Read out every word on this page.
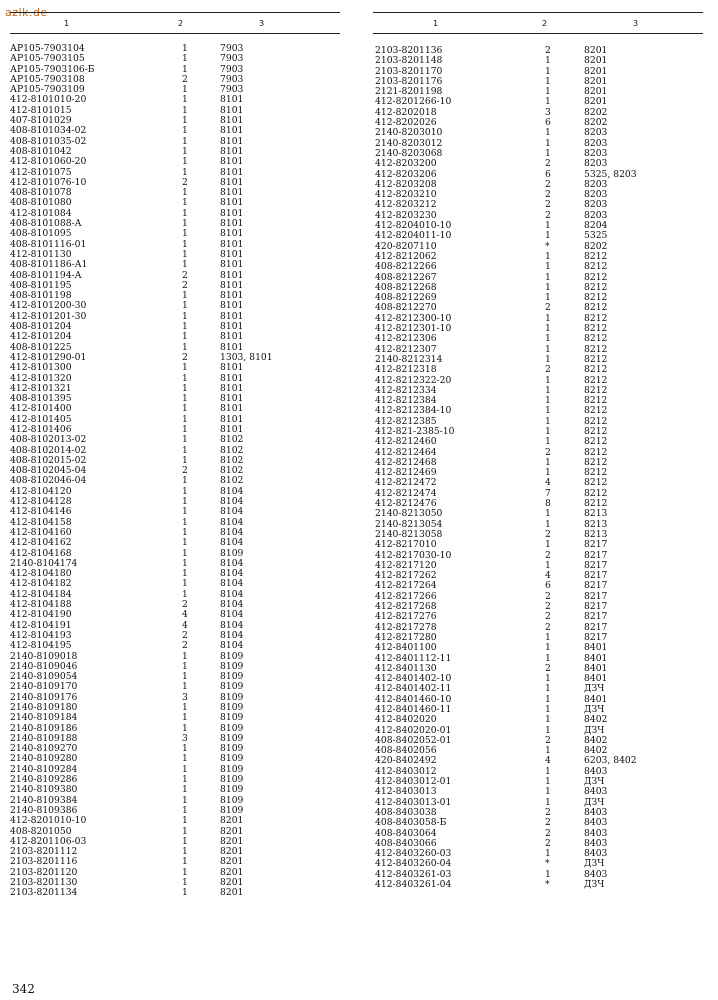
azlk.de
1	2	3
АР105-7903104	1	7903
АР105-7903105	1	7903
АР105-7903106-Б	1	7903
АР105-7903108	2	7903
АР105-7903109	1	7903
412-8101010-20	1	8101
412-8101015	1	8101
407-8101029	1	8101
408-8101034-02	1	8101
408-8101035-02	1	8101
408-8101042	1	8101
412-8101060-20	1	8101
412-8101075	1	8101
412-8101076-10	2	8101
408-8101078	1	8101
408-8101080	1	8101
412-8101084	1	8101
408-8101088-А	1	8101
408-8101095	1	8101
408-8101116-01	1	8101
412-8101130	1	8101
408-8101186-А1	1	8101
408-8101194-А	2	8101
408-8101195	2	8101
408-8101198	1	8101
412-8101200-30	1	8101
412-8101201-30	1	8101
408-8101204	1	8101
412-8101204	1	8101
408-8101225	1	8101
412-8101290-01	2	1303, 8101
412-8101300	1	8101
412-8101320	1	8101
412-8101321	1	8101
408-8101395	1	8101
412-8101400	1	8101
412-8101405	1	8101
412-8101406	1	8101
408-8102013-02	1	8102
408-8102014-02	1	8102
408-8102015-02	1	8102
408-8102045-04	2	8102
408-8102046-04	1	8102
412-8104120	1	8104
412-8104128	1	8104
412-8104146	1	8104
412-8104158	1	8104
412-8104160	1	8104
412-8104162	1	8104
412-8104168	1	8109
2140-8104174	1	8104
412-8104180	1	8104
412-8104182	1	8104
412-8104184	1	8104
412-8104188	2	8104
412-8104190	4	8104
412-8104191	4	8104
412-8104193	2	8104
412-8104195	2	8104
2140-8109018	1	8109
2140-8109046	1	8109
2140-8109054	1	8109
2140-8109170	1	8109
2140-8109176	3	8109
2140-8109180	1	8109
2140-8109184	1	8109
2140-8109186	1	8109
2140-8109188	3	8109
2140-8109270	1	8109
2140-8109280	1	8109
2140-8109284	1	8109
2140-8109286	1	8109
2140-8109380	1	8109
2140-8109384	1	8109
2140-8109386	1	8109
412-8201010-10	1	8201
408-8201050	1	8201
412-8201106-03	1	8201
2103-8201112	1	8201
2103-8201116	1	8201
2103-8201120	1	8201
2103-8201130	1	8201
2103-8201134	1	8201
1	2	3
2103-8201136	2	8201
2103-8201148	1	8201
2103-8201170	1	8201
2103-8201176	1	8201
2121-8201198	1	8201
412-8201266-10	1	8201
412-8202018	3	8202
412-8202026	6	8202
2140-8203010	1	8203
2140-8203012	1	8203
2140-8203068	1	8203
412-8203200	2	8203
412-8203206	6	5325, 8203
412-8203208	2	8203
412-8203210	2	8203
412-8203212	2	8203
412-8203230	2	8203
412-8204010-10	1	8204
412-8204011-10	1	5325
420-8207110	*	8202
412-8212062	1	8212
408-8212266	1	8212
408-8212267	1	8212
408-8212268	1	8212
408-8212269	1	8212
408-8212270	2	8212
412-8212300-10	1	8212
412-8212301-10	1	8212
412-8212306	1	8212
412-8212307	1	8212
2140-8212314	1	8212
412-8212318	2	8212
412-8212322-20	1	8212
412-8212334	1	8212
412-8212384	1	8212
412-8212384-10	1	8212
412-8212385	1	8212
412-821-2385-10	1	8212
412-8212460	1	8212
412-8212464	2	8212
412-8212468	1	8212
412-8212469	1	8212
412-8212472	4	8212
412-8212474	7	8212
412-8212476	8	8212
2140-8213050	1	8213
2140-8213054	1	8213
2140-8213058	2	8213
412-8217010	1	8217
412-8217030-10	2	8217
412-8217120	1	8217
412-8217262	4	8217
412-8217264	6	8217
412-8217266	2	8217
412-8217268	2	8217
412-8217276	2	8217
412-8217278	2	8217
412-8217280	1	8217
412-8401100	1	8401
412-8401112-11	1	8401
412-8401130	2	8401
412-8401402-10	1	8401
412-8401402-11	1	ДЗЧ
412-8401460-10	1	8401
412-8401460-11	1	ДЗЧ
412-8402020	1	8402
412-8402020-01	1	ДЗЧ
408-8402052-01	2	8402
408-8402056	1	8402
420-8402492	4	6203, 8402
412-8403012	1	8403
412-8403012-01	1	ДЗЧ
412-8403013	1	8403
412-8403013-01	1	ДЗЧ
408-8403038	2	8403
408-8403058-Б	2	8403
408-8403064	2	8403
408-8403066	2	8403
412-8403260-03	1	8403
412-8403260-04	*	ДЗЧ
412-8403261-03	1	8403
412-8403261-04	*	ДЗЧ
342
